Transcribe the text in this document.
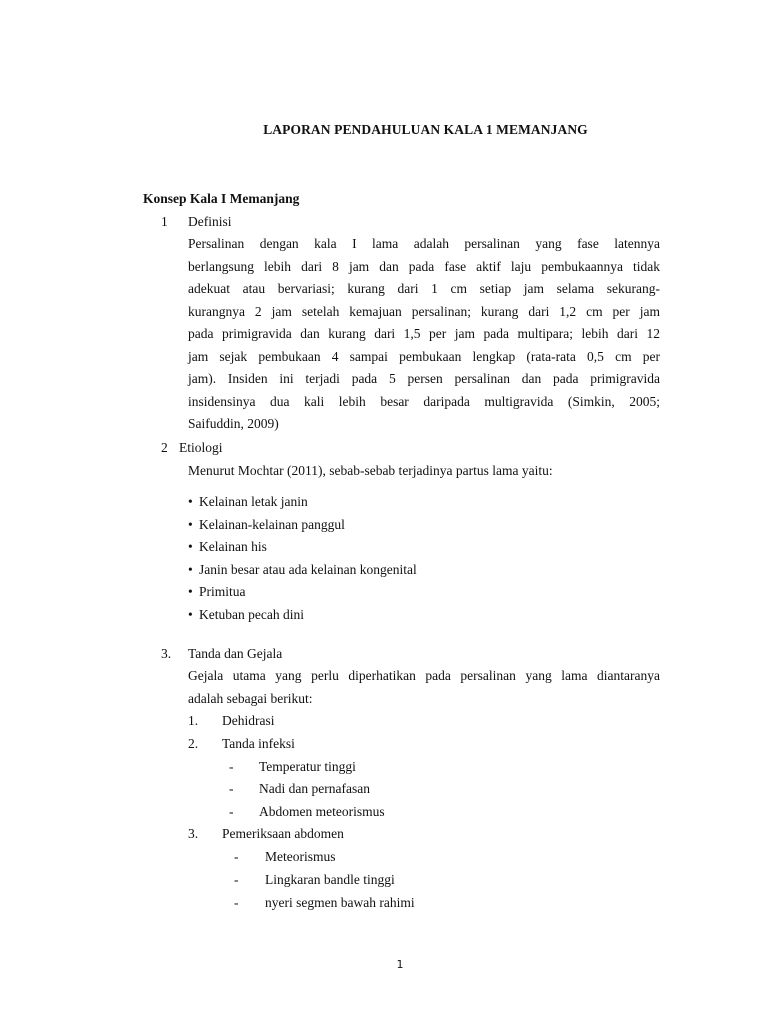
LAPORAN PENDAHULUAN KALA 1 MEMANJANG
Konsep Kala I Memanjang
1 Definisi
Persalinan dengan kala I lama adalah persalinan yang fase latennya
berlangsung lebih dari 8 jam dan pada fase aktif laju pembukaannya tidak
adekuat atau bervariasi; kurang dari 1 cm setiap jam selama sekurang-
kurangnya 2 jam setelah kemajuan persalinan; kurang dari 1,2 cm per jam
pada primigravida dan kurang dari 1,5 per jam pada multipara; lebih dari 12
jam sejak pembukaan 4 sampai pembukaan lengkap (rata-rata 0,5 cm per
jam). Insiden ini terjadi pada 5 persen persalinan dan pada primigravida
insidensinya dua kali lebih besar daripada multigravida (Simkin, 2005;
Saifuddin, 2009)
2 Etiologi
Menurut Mochtar (2011), sebab-sebab terjadinya partus lama yaitu:
• Kelainan letak janin
• Kelainan-kelainan panggul
• Kelainan his
• Janin besar atau ada kelainan kongenital
• Primitua
• Ketuban pecah dini
3. Tanda dan Gejala
Gejala utama yang perlu diperhatikan pada persalinan yang lama diantaranya
adalah sebagai berikut:
1. Dehidrasi
2. Tanda infeksi
- Temperatur tinggi
- Nadi dan pernafasan
- Abdomen meteorismus
3. Pemeriksaan abdomen
- Meteorismus
- Lingkaran bandle tinggi
- nyeri segmen bawah rahimi
1
